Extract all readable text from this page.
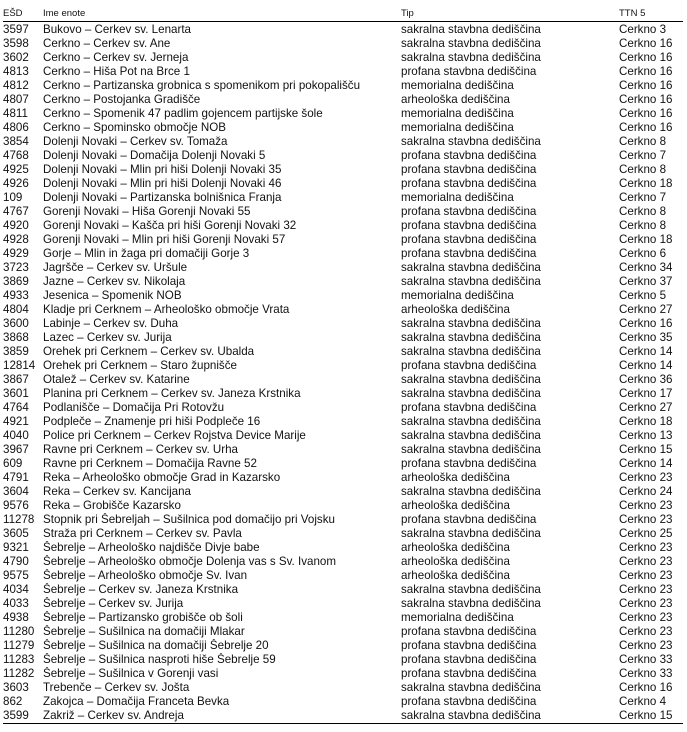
EŠD	Ime enote	Tip	TTN 5
3597	Bukovo – Cerkev sv. Lenarta	sakralna stavbna dediščina	Cerkno 3
3598	Cerkno – Cerkev sv. Ane	sakralna stavbna dediščina	Cerkno 16
3602	Cerkno – Cerkev sv. Jerneja	sakralna stavbna dediščina	Cerkno 16
4813	Cerkno – Hiša Pot na Brce 1	profana stavbna dediščina	Cerkno 16
4812	Cerkno – Partizanska grobnica s spomenikom pri pokopališču	memorialna dediščina	Cerkno 16
4807	Cerkno – Postojanka Gradišče	arheološka dediščina	Cerkno 16
4811	Cerkno – Spomenik 47 padlim gojencem partijske šole	memorialna dediščina	Cerkno 16
4806	Cerkno – Spominsko območje NOB	memorialna dediščina	Cerkno 16
3854	Dolenji Novaki – Cerkev sv. Tomaža	sakralna stavbna dediščina	Cerkno 8
4768	Dolenji Novaki – Domačija Dolenji Novaki 5	profana stavbna dediščina	Cerkno 7
4925	Dolenji Novaki – Mlin pri hiši Dolenji Novaki 35	profana stavbna dediščina	Cerkno 8
4926	Dolenji Novaki – Mlin pri hiši Dolenji Novaki 46	profana stavbna dediščina	Cerkno 18
109	Dolenji Novaki – Partizanska bolnišnica Franja	memorialna dediščina	Cerkno 7
4767	Gorenji Novaki – Hiša Gorenji Novaki 55	profana stavbna dediščina	Cerkno 8
4920	Gorenji Novaki – Kašča pri hiši Gorenji Novaki 32	profana stavbna dediščina	Cerkno 8
4928	Gorenji Novaki – Mlin pri hiši Gorenji Novaki 57	profana stavbna dediščina	Cerkno 18
4929	Gorje – Mlin in žaga pri domačiji Gorje 3	profana stavbna dediščina	Cerkno 6
3723	Jagršče – Cerkev sv. Uršule	sakralna stavbna dediščina	Cerkno 34
3869	Jazne – Cerkev sv. Nikolaja	sakralna stavbna dediščina	Cerkno 37
4933	Jesenica – Spomenik NOB	memorialna dediščina	Cerkno 5
4804	Kladje pri Cerknem – Arheološko območje Vrata	arheološka dediščina	Cerkno 27
3600	Labinje – Cerkev sv. Duha	sakralna stavbna dediščina	Cerkno 16
3868	Lazec – Cerkev sv. Jurija	sakralna stavbna dediščina	Cerkno 35
3859	Orehek pri Cerknem – Cerkev sv. Ubalda	sakralna stavbna dediščina	Cerkno 14
12814	Orehek pri Cerknem – Staro župnišče	profana stavbna dediščina	Cerkno 14
3867	Otalež – Cerkev sv. Katarine	sakralna stavbna dediščina	Cerkno 36
3601	Planina pri Cerknem – Cerkev sv. Janeza Krstnika	sakralna stavbna dediščina	Cerkno 17
4764	Podlanišče – Domačija Pri Rotovžu	profana stavbna dediščina	Cerkno 27
4921	Podpleče – Znamenje pri hiši Podpleče 16	sakralna stavbna dediščina	Cerkno 18
4040	Police pri Cerknem – Cerkev Rojstva Device Marije	sakralna stavbna dediščina	Cerkno 13
3967	Ravne pri Cerknem – Cerkev sv. Urha	sakralna stavbna dediščina	Cerkno 15
609	Ravne pri Cerknem – Domačija Ravne 52	profana stavbna dediščina	Cerkno 14
4791	Reka – Arheološko območje Grad in Kazarsko	arheološka dediščina	Cerkno 23
3604	Reka – Cerkev sv. Kancijana	sakralna stavbna dediščina	Cerkno 24
9576	Reka – Grobišče Kazarsko	arheološka dediščina	Cerkno 23
11278	Stopnik pri Šebreljah – Sušilnica pod domačijo pri Vojsku	profana stavbna dediščina	Cerkno 23
3605	Straža pri Cerknem – Cerkev sv. Pavla	sakralna stavbna dediščina	Cerkno 25
9321	Šebrelje – Arheološko najdišče Divje babe	arheološka dediščina	Cerkno 23
4790	Šebrelje – Arheološko območje Dolenja vas s Sv. Ivanom	arheološka dediščina	Cerkno 23
9575	Šebrelje – Arheološko območje Sv. Ivan	arheološka dediščina	Cerkno 23
4034	Šebrelje – Cerkev sv. Janeza Krstnika	sakralna stavbna dediščina	Cerkno 23
4033	Šebrelje – Cerkev sv. Jurija	sakralna stavbna dediščina	Cerkno 23
4938	Šebrelje – Partizansko grobišče ob šoli	memorialna dediščina	Cerkno 23
11280	Šebrelje – Sušilnica na domačiji Mlakar	profana stavbna dediščina	Cerkno 23
11279	Šebrelje – Sušilnica na domačiji Šebrelje 20	profana stavbna dediščina	Cerkno 23
11283	Šebrelje – Sušilnica nasproti hiše Šebrelje 59	profana stavbna dediščina	Cerkno 33
11282	Šebrelje – Sušilnica v Gorenji vasi	profana stavbna dediščina	Cerkno 33
3603	Trebenče – Cerkev sv. Jošta	sakralna stavbna dediščina	Cerkno 16
862	Zakojca – Domačija Franceta Bevka	profana stavbna dediščina	Cerkno 4
3599	Zakriž – Cerkev sv. Andreja	sakralna stavbna dediščina	Cerkno 15
